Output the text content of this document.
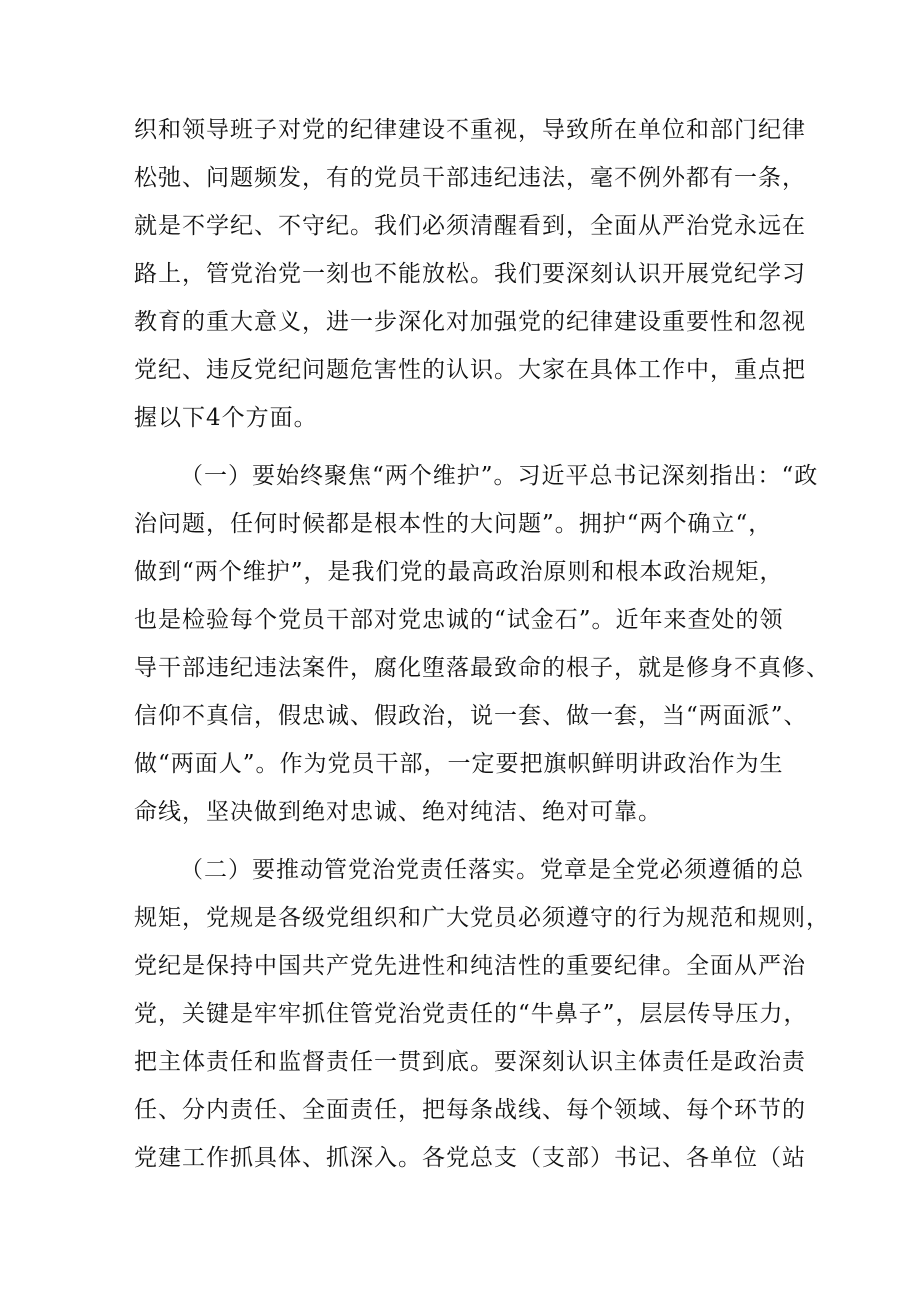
织和领导班子对党的纪律建设不重视，导致所在单位和部门纪律
松弛、问题频发，有的党员干部违纪违法，毫不例外都有一条，
就是不学纪、不守纪。我们必须清醒看到，全面从严治党永远在
路上，管党治党一刻也不能放松。我们要深刻认识开展党纪学习
教育的重大意义，进一步深化对加强党的纪律建设重要性和忽视
党纪、违反党纪问题危害性的认识。大家在具体工作中，重点把
握以下4个方面。
（一）要始终聚焦“两个维护”。习近平总书记深刻指出：“政
治问题，任何时候都是根本性的大问题”。拥护“两个确立“，
做到“两个维护”，是我们党的最高政治原则和根本政治规矩，
也是检验每个党员干部对党忠诚的“试金石”。近年来查处的领
导干部违纪违法案件，腐化堕落最致命的根子，就是修身不真修、
信仰不真信，假忠诚、假政治，说一套、做一套，当“两面派”、
做“两面人”。作为党员干部，一定要把旗帜鲜明讲政治作为生
命线，坚决做到绝对忠诚、绝对纯洁、绝对可靠。
（二）要推动管党治党责任落实。党章是全党必须遵循的总
规矩，党规是各级党组织和广大党员必须遵守的行为规范和规则，
党纪是保持中国共产党先进性和纯洁性的重要纪律。全面从严治
党，关键是牢牢抓住管党治党责任的“牛鼻子”，层层传导压力，
把主体责任和监督责任一贯到底。要深刻认识主体责任是政治责
任、分内责任、全面责任，把每条战线、每个领域、每个环节的
党建工作抓具体、抓深入。各党总支（支部）书记、各单位（站
